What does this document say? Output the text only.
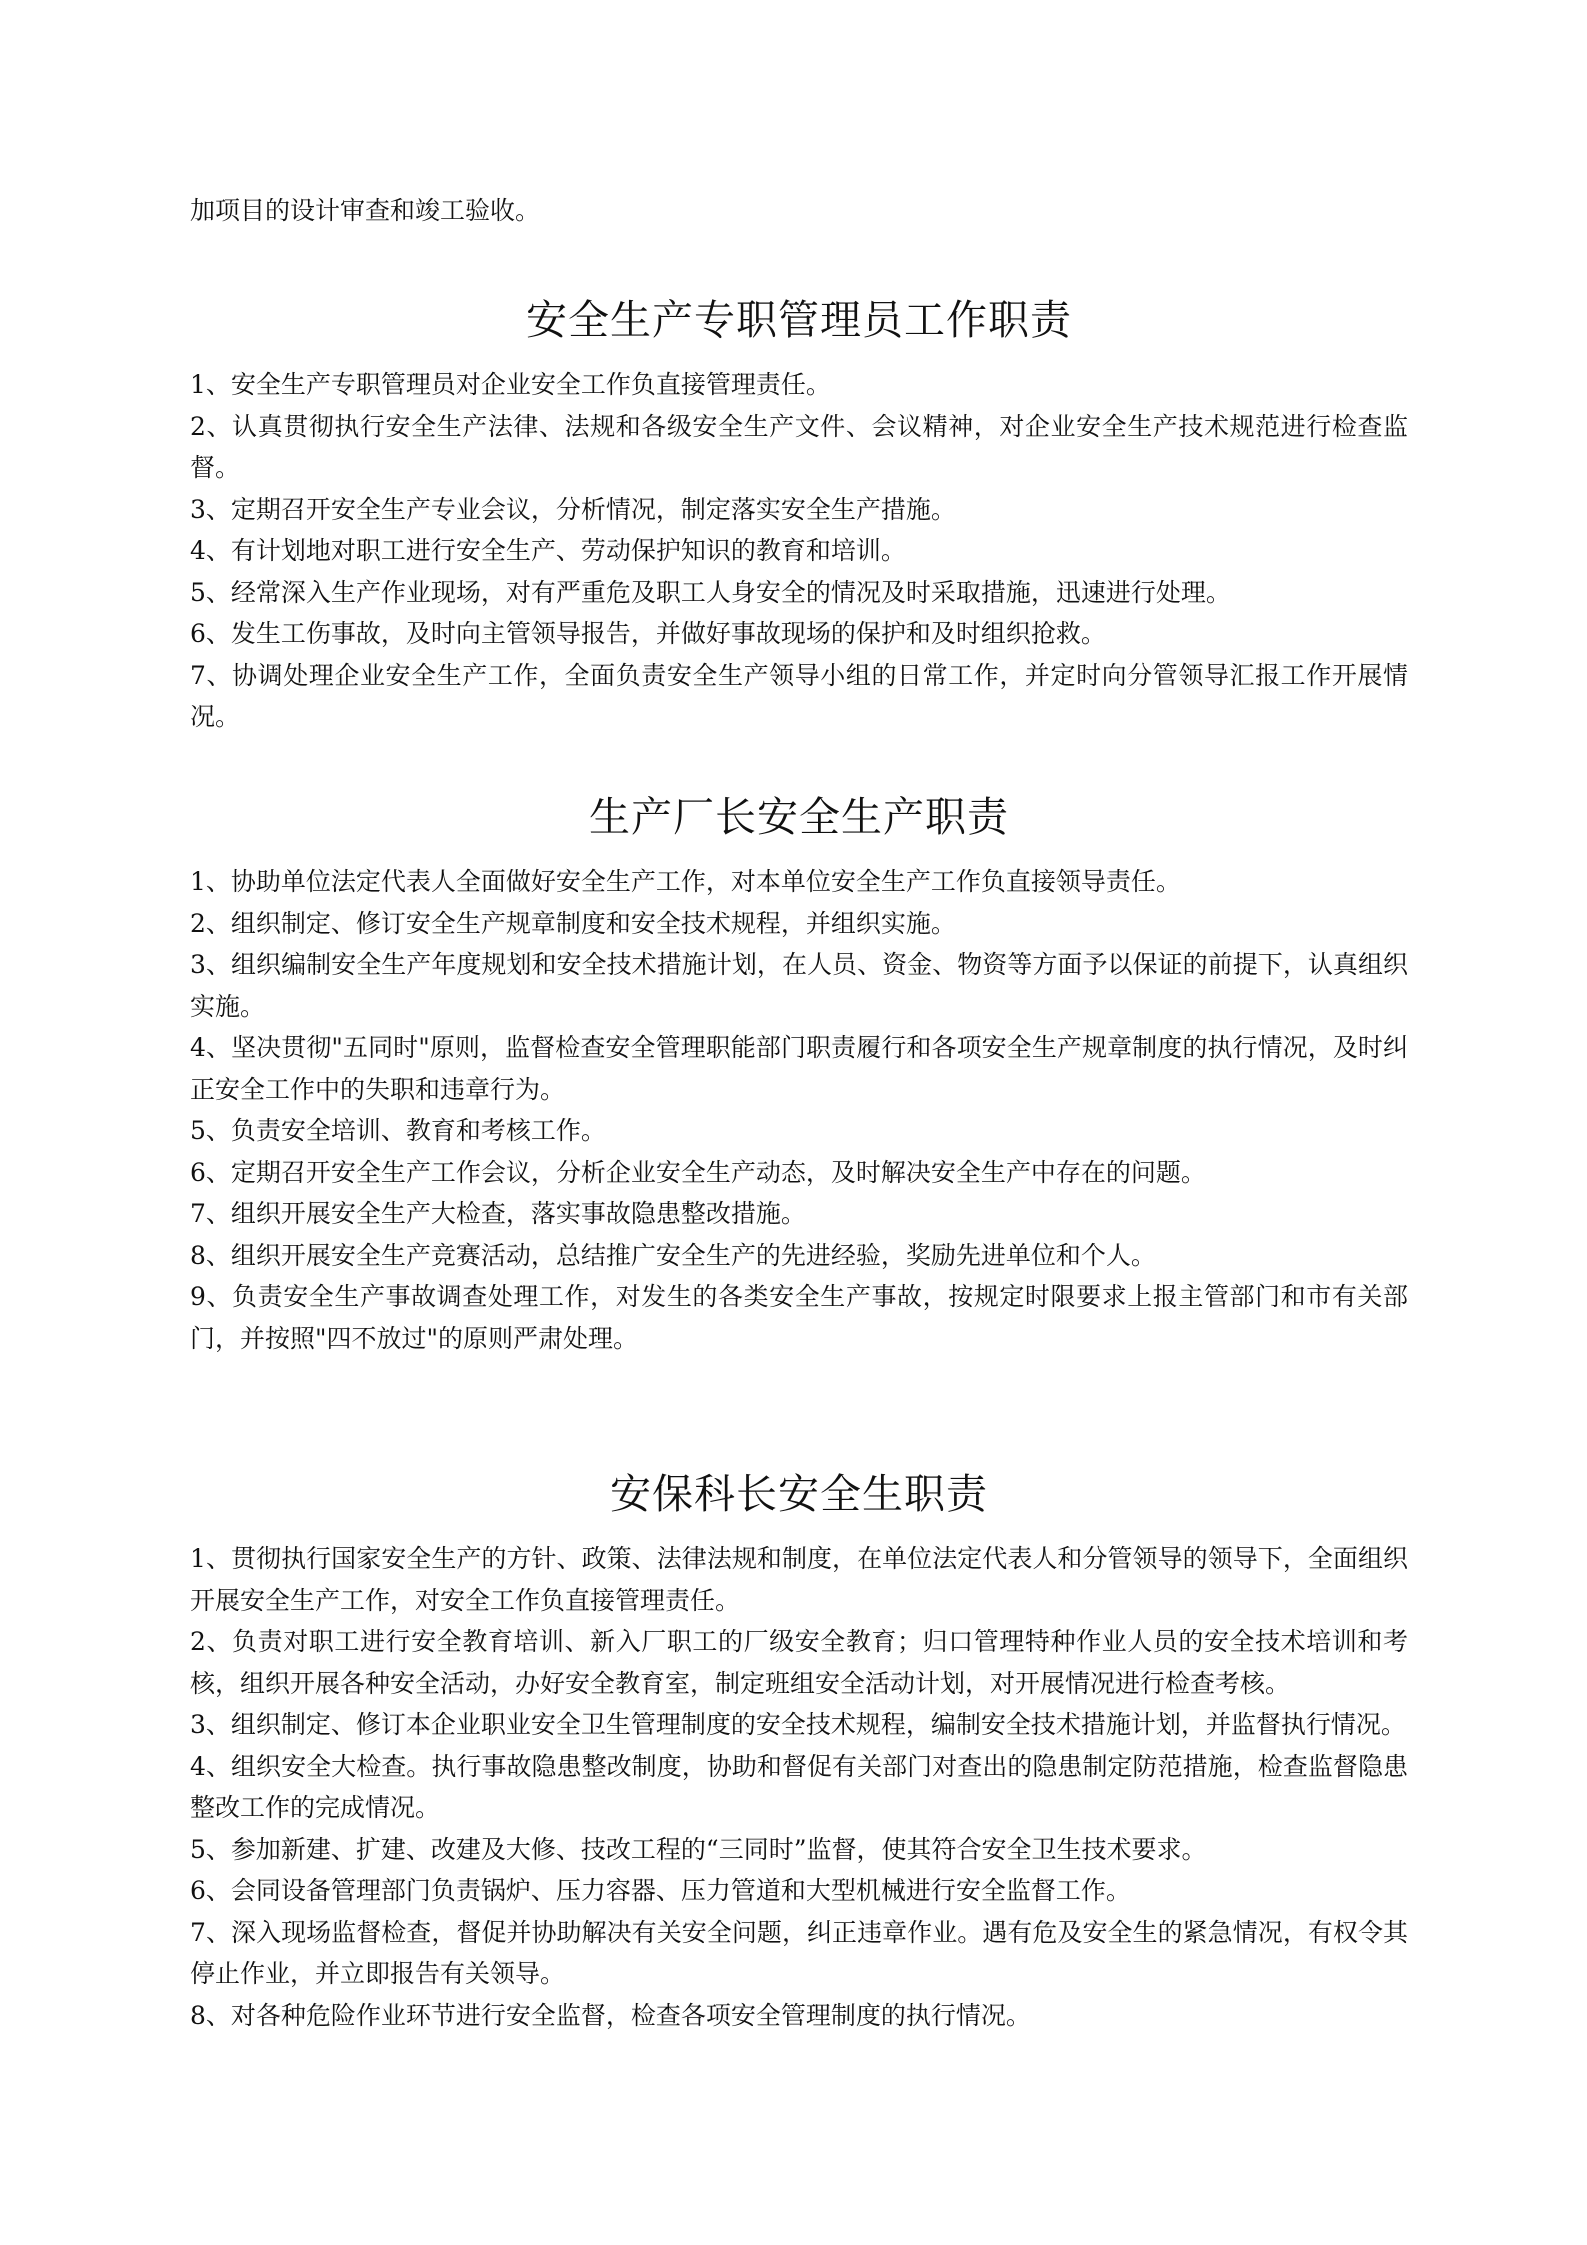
加项目的设计审查和竣工验收。

安全生产专职管理员工作职责
1、安全生产专职管理员对企业安全工作负直接管理责任。
2、认真贯彻执行安全生产法律、法规和各级安全生产文件、会议精神，对企业安全生产技术规范进行检查监督。
3、定期召开安全生产专业会议，分析情况，制定落实安全生产措施。
4、有计划地对职工进行安全生产、劳动保护知识的教育和培训。
5、经常深入生产作业现场，对有严重危及职工人身安全的情况及时采取措施，迅速进行处理。
6、发生工伤事故，及时向主管领导报告，并做好事故现场的保护和及时组织抢救。
7、协调处理企业安全生产工作，全面负责安全生产领导小组的日常工作，并定时向分管领导汇报工作开展情况。
生产厂长安全生产职责
1、协助单位法定代表人全面做好安全生产工作，对本单位安全生产工作负直接领导责任。
2、组织制定、修订安全生产规章制度和安全技术规程，并组织实施。
3、组织编制安全生产年度规划和安全技术措施计划，在人员、资金、物资等方面予以保证的前提下，认真组织实施。
4、坚决贯彻"五同时"原则，监督检查安全管理职能部门职责履行和各项安全生产规章制度的执行情况，及时纠正安全工作中的失职和违章行为。
5、负责安全培训、教育和考核工作。
6、定期召开安全生产工作会议，分析企业安全生产动态，及时解决安全生产中存在的问题。
7、组织开展安全生产大检查，落实事故隐患整改措施。
8、组织开展安全生产竞赛活动，总结推广安全生产的先进经验，奖励先进单位和个人。
9、负责安全生产事故调查处理工作，对发生的各类安全生产事故，按规定时限要求上报主管部门和市有关部门，并按照"四不放过"的原则严肃处理。
安保科长安全生职责
1、贯彻执行国家安全生产的方针、政策、法律法规和制度，在单位法定代表人和分管领导的领导下，全面组织开展安全生产工作，对安全工作负直接管理责任。
2、负责对职工进行安全教育培训、新入厂职工的厂级安全教育；归口管理特种作业人员的安全技术培训和考核，组织开展各种安全活动，办好安全教育室，制定班组安全活动计划，对开展情况进行检查考核。
3、组织制定、修订本企业职业安全卫生管理制度的安全技术规程，编制安全技术措施计划，并监督执行情况。
4、组织安全大检查。执行事故隐患整改制度，协助和督促有关部门对查出的隐患制定防范措施，检查监督隐患整改工作的完成情况。
5、参加新建、扩建、改建及大修、技改工程的“三同时”监督，使其符合安全卫生技术要求。
6、会同设备管理部门负责锅炉、压力容器、压力管道和大型机械进行安全监督工作。
7、深入现场监督检查，督促并协助解决有关安全问题，纠正违章作业。遇有危及安全生的紧急情况，有权令其停止作业，并立即报告有关领导。
8、对各种危险作业环节进行安全监督，检查各项安全管理制度的执行情况。
